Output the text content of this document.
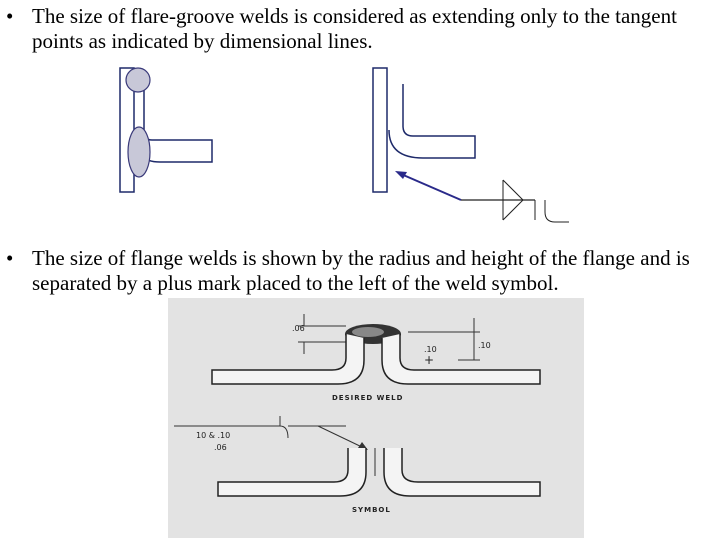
• The size of flare-groove welds is considered as extending only to the tangent points as indicated by dimensional lines.
• The size of flange welds is shown by the radius and height of the flange and is separated by a plus mark placed to the left of the weld symbol.
.06
.10
.10
+
DESIRED WELD
10 & .10
.06
SYMBOL
